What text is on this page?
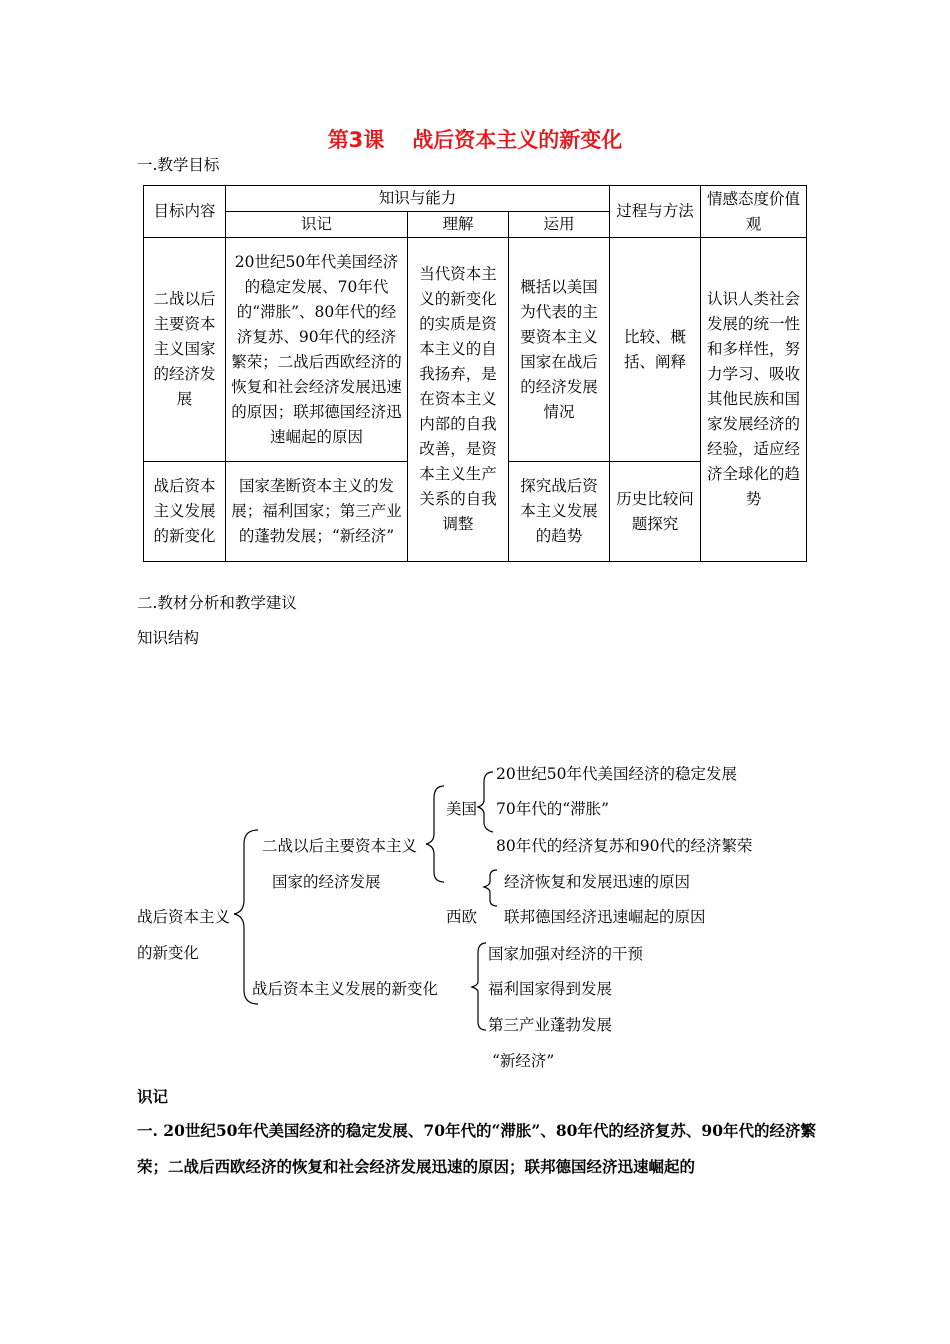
第3课 战后资本主义的新变化
一.教学目标
目标内容	知识与能力			过程与方法	情感态度价值观
	识记	理解	运用		
二战以后主要资本主义国家的经济发展	20世纪50年代美国经济的稳定发展、70年代的“滞胀”、80年代的经济复苏、90年代的经济繁荣；二战后西欧经济的恢复和社会经济发展迅速的原因；联邦德国经济迅速崛起的原因	当代资本主义的新变化的实质是资本主义的自我扬弃，是在资本主义内部的自我改善，是资本主义生产关系的自我调整	概括以美国为代表的主要资本主义国家在战后的经济发展情况	比较、概括、阐释	认识人类社会发展的统一性和多样性，努力学习、吸收其他民族和国家发展经济的经验，适应经济全球化的趋势
战后资本主义发展的新变化	国家垄断资本主义的发展；福利国家；第三产业的蓬勃发展；“新经济”		探究战后资本主义发展的趋势	历史比较问题探究	
二.教材分析和教学建议
知识结构
战后资本主义
的新变化
二战以后主要资本主义
国家的经济发展
美国
20世纪50年代美国经济的稳定发展
70年代的“滞胀”
80年代的经济复苏和90代的经济繁荣
西欧
经济恢复和发展迅速的原因
联邦德国经济迅速崛起的原因
战后资本主义发展的新变化
国家加强对经济的干预
福利国家得到发展
第三产业蓬勃发展
“新经济”
识记
一. 20世纪50年代美国经济的稳定发展、70年代的“滞胀”、80年代的经济复苏、90年代的经济繁荣；二战后西欧经济的恢复和社会经济发展迅速的原因；联邦德国经济迅速崛起的
